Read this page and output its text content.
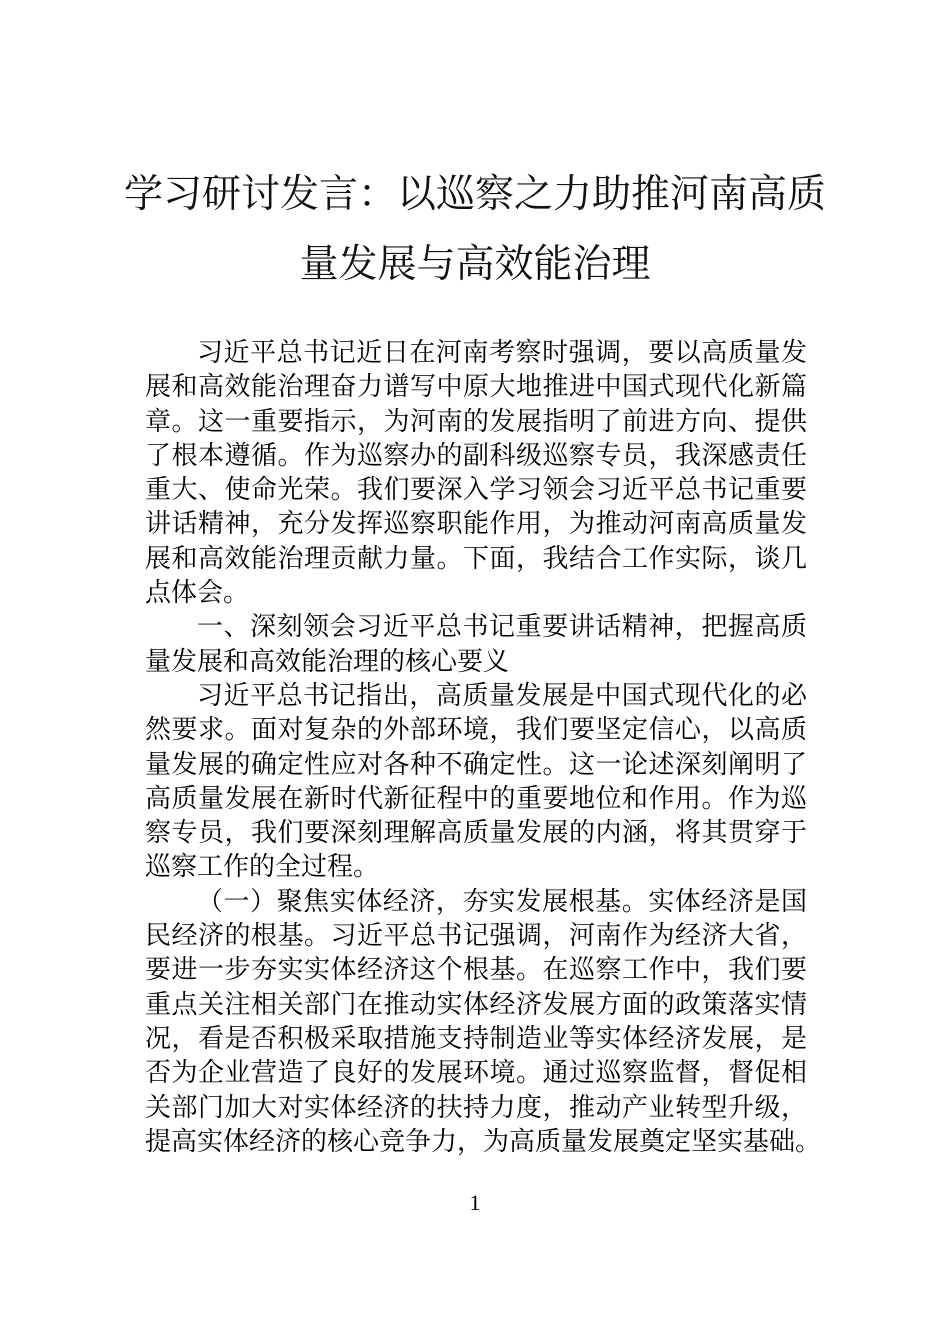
学习研讨发言：以巡察之力助推河南高质
量发展与高效能治理
习近平总书记近日在河南考察时强调，要以高质量发
展和高效能治理奋力谱写中原大地推进中国式现代化新篇
章。这一重要指示，为河南的发展指明了前进方向、提供
了根本遵循。作为巡察办的副科级巡察专员，我深感责任
重大、使命光荣。我们要深入学习领会习近平总书记重要
讲话精神，充分发挥巡察职能作用，为推动河南高质量发
展和高效能治理贡献力量。下面，我结合工作实际，谈几
点体会。
一、深刻领会习近平总书记重要讲话精神，把握高质
量发展和高效能治理的核心要义
习近平总书记指出，高质量发展是中国式现代化的必
然要求。面对复杂的外部环境，我们要坚定信心，以高质
量发展的确定性应对各种不确定性。这一论述深刻阐明了
高质量发展在新时代新征程中的重要地位和作用。作为巡
察专员，我们要深刻理解高质量发展的内涵，将其贯穿于
巡察工作的全过程。
（一）聚焦实体经济，夯实发展根基。实体经济是国
民经济的根基。习近平总书记强调，河南作为经济大省，
要进一步夯实实体经济这个根基。在巡察工作中，我们要
重点关注相关部门在推动实体经济发展方面的政策落实情
况，看是否积极采取措施支持制造业等实体经济发展，是
否为企业营造了良好的发展环境。通过巡察监督，督促相
关部门加大对实体经济的扶持力度，推动产业转型升级，
提高实体经济的核心竞争力，为高质量发展奠定坚实基础。
1
